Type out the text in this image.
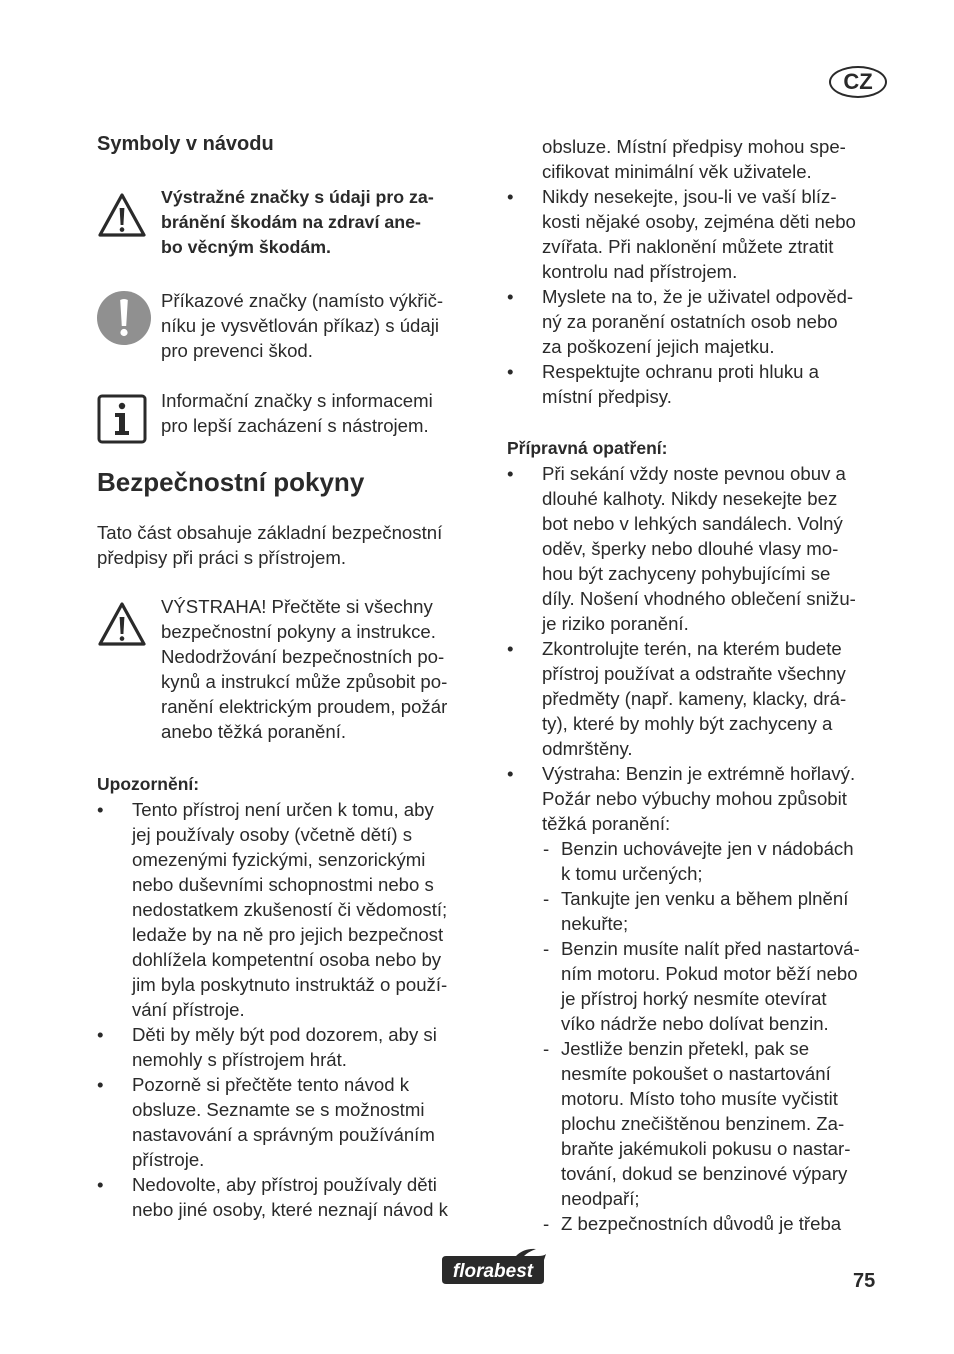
CZ
Symboly v návodu

Výstražné značky s údaji pro za-
bránění škodám na zdraví ane-
bo věcným škodám.

Příkazové značky (namísto výkřič-
níku je vysvětlován příkaz) s údaji
pro prevenci škod.

Informační značky s informacemi
pro lepší zacházení s nástrojem.

Bezpečnostní pokyny

Tato část obsahuje základní bezpečnostní
předpisy při práci s přístrojem.

VÝSTRAHA! Přečtěte si všechny
bezpečnostní pokyny a instrukce.
Nedodržování bezpečnostních po-
kynů a instrukcí může způsobit po-
ranění elektrickým proudem, požár
anebo těžká poranění.

Upozornění:

• Tento přístroj není určen k tomu, aby
jej používaly osoby (včetně dětí) s
omezenými fyzickými, senzorickými
nebo duševními schopnostmi nebo s
nedostatkem zkušeností či vědomostí;
ledaže by na ně pro jejich bezpečnost
dohlížela kompetentní osoba nebo by
jim byla poskytnuto instruktáž o použí-
vání přístroje.
• Děti by měly být pod dozorem, aby si
nemohly s přístrojem hrát.
• Pozorně si přečtěte tento návod k
obsluze. Seznamte se s možnostmi
nastavování a správným používáním
přístroje.
• Nedovolte, aby přístroj používaly děti
nebo jiné osoby, které neznají návod k

obsluze. Místní předpisy mohou spe-
cifikovat minimální věk uživatele.

• Nikdy nesekejte, jsou-li ve vaší blíz-
kosti nějaké osoby, zejména děti nebo
zvířata. Při naklonění můžete ztratit
kontrolu nad přístrojem.
• Myslete na to, že je uživatel odpověd-
ný za poranění ostatních osob nebo
za poškození jejich majetku.
• Respektujte ochranu proti hluku a
místní předpisy.

Přípravná opatření:

• Při sekání vždy noste pevnou obuv a
dlouhé kalhoty. Nikdy nesekejte bez
bot nebo v lehkých sandálech. Volný
oděv, šperky nebo dlouhé vlasy mo-
hou být zachyceny pohybujícími se
díly. Nošení vhodného oblečení snižu-
je riziko poranění.
• Zkontrolujte terén, na kterém budete
přístroj používat a odstraňte všechny
předměty (např. kameny, klacky, drá-
ty), které by mohly být zachyceny a
odmrštěny.
• Výstraha: Benzin je extrémně hořlavý.
Požár nebo výbuchy mohou způsobit
těžká poranění:
- Benzin uchovávejte jen v nádobách
k tomu určených;
- Tankujte jen venku a během plnění
nekuřte;
- Benzin musíte nalít před nastartová-
ním motoru. Pokud motor běží nebo
je přístroj horký nesmíte otevírat
víko nádrže nebo dolívat benzin.
- Jestliže benzin přetekl, pak se
nesmíte pokoušet o nastartování
motoru. Místo toho musíte vyčistit
plochu znečištěnou benzinem. Za-
braňte jakémukoli pokusu o nastar-
tování, dokud se benzinové výpary
neodpaří;
- Z bezpečnostních důvodů je třeba
florabest	75
